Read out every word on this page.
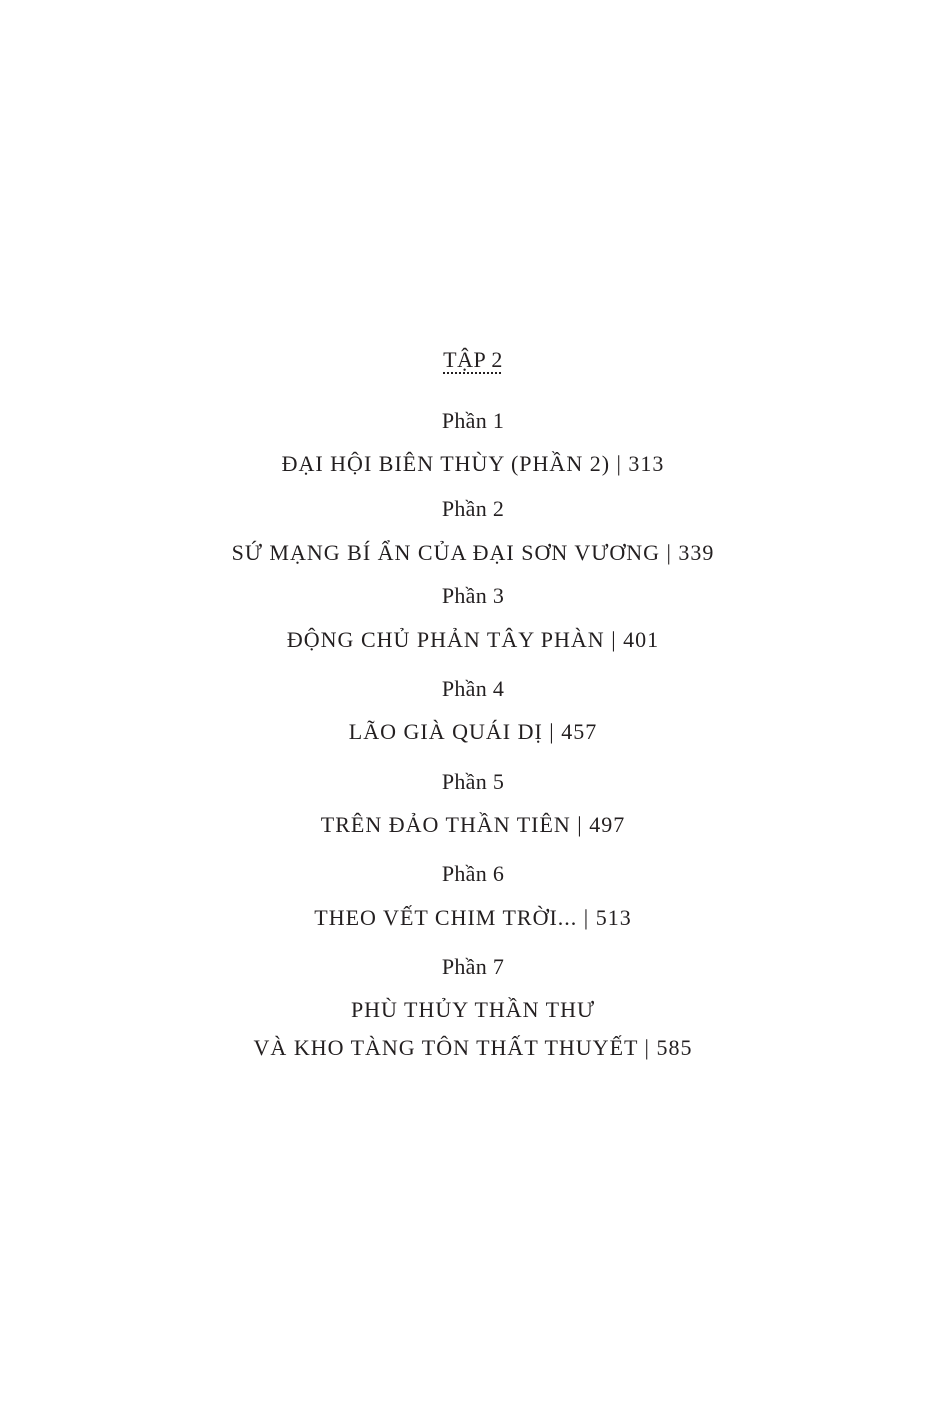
TẬP 2
Phần 1
ĐẠI HỘI BIÊN THÙY (PHẦN 2) | 313
Phần 2
SỨ MẠNG BÍ ẨN CỦA ĐẠI SƠN VƯƠNG | 339
Phần 3
ĐỘNG CHỦ PHẢN TÂY PHÀN | 401
Phần 4
LÃO GIÀ QUÁI DỊ | 457
Phần 5
TRÊN ĐẢO THẦN TIÊN | 497
Phần 6
THEO VẾT CHIM TRỜI... | 513
Phần 7
PHÙ THỦY THẦN THƯ
VÀ KHO TÀNG TÔN THẤT THUYẾT | 585
